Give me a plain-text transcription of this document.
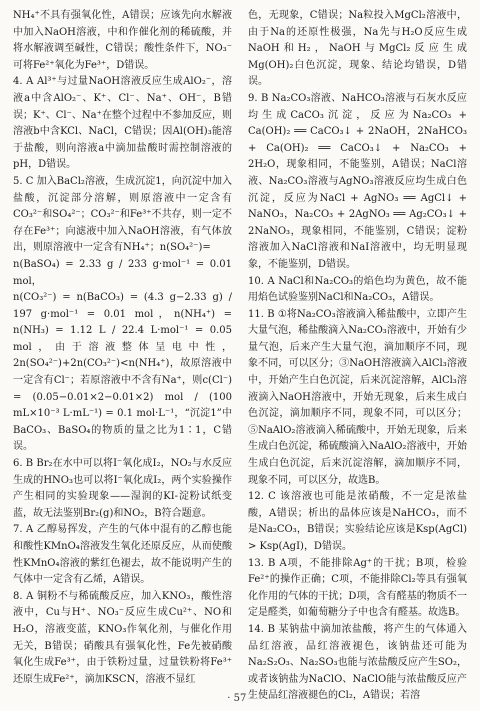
NH₄⁺不具有强氧化性，A错误；应该先向水解液中加入NaOH溶液，中和作催化剂的稀硫酸，并将水解液调至碱性，C错误；酸性条件下，NO₃⁻可将Fe²⁺氧化为Fe³⁺，D错误。

4. A Al³⁺与过量NaOH溶液反应生成AlO₂⁻，溶液a中含AlO₂⁻、K⁺、Cl⁻、Na⁺、OH⁻，B错误；K⁺、Cl⁻、Na⁺在整个过程中不参加反应，则溶液b中含KCl、NaCl，C错误；因Al(OH)₃能溶于盐酸，则向溶液a中滴加盐酸时需控制溶液的pH，D错误。

5. C 加入BaCl₂溶液，生成沉淀1，向沉淀中加入盐酸，沉淀部分溶解，则原溶液中一定含有CO₃²⁻和SO₄²⁻；CO₃²⁻和Fe³⁺不共存，则一定不存在Fe³⁺；向滤液中加入NaOH溶液，有气体放出，则原溶液中一定含有NH₄⁺；n(SO₄²⁻)=

n(BaSO₄) = 2.33 g / 233 g·mol⁻¹ = 0.01 mol，

n(CO₃²⁻) = n(BaCO₃) = (4.3 g−2.33 g) / 197 g·mol⁻¹ = 0.01 mol，n(NH₄⁺) = n(NH₃) = 1.12 L / 22.4 L·mol⁻¹ = 0.05 mol，由于溶液整体呈电中性，2n(SO₄²⁻)+2n(CO₃²⁻)<n(NH₄⁺)，故原溶液中一定含有Cl⁻；若原溶液中不含有Na⁺，则c(Cl⁻) = (0.05−0.01×2−0.01×2) mol / (100 mL×10⁻³ L·mL⁻¹) = 0.1 mol·L⁻¹，“沉淀1”中BaCO₃、BaSO₄的物质的量之比为1∶1，C错误。

6. B Br₂在水中可以将I⁻氧化成I₂，NO₂与水反应生成的HNO₃也可以将I⁻氧化成I₂，两个实验操作产生相同的实验现象——湿润的KI-淀粉试纸变蓝，故无法鉴别Br₂(g)和NO₂，B符合题意。

7. A 乙醇易挥发，产生的气体中混有的乙醇也能和酸性KMnO₄溶液发生氧化还原反应，从而使酸性KMnO₄溶液的紫红色褪去，故不能说明产生的气体中一定含有乙烯，A错误。

8. A 铜粉不与稀硫酸反应，加入KNO₃，酸性溶液中，Cu与H⁺、NO₃⁻反应生成Cu²⁺、NO和H₂O，溶液变蓝，KNO₃作氧化剂，与催化作用无关，B错误；硝酸具有强氧化性，Fe先被硝酸氧化生成Fe³⁺，由于铁粉过量，过量铁粉将Fe³⁺还原生成Fe²⁺，滴加KSCN，溶液不显红

色，无现象，C错误；Na粒投入MgCl₂溶液中，由于Na的还原性极强，Na先与H₂O反应生成NaOH和H₂，NaOH与MgCl₂反应生成Mg(OH)₂白色沉淀，现象、结论均错误，D错误。

9. B Na₂CO₃溶液、NaHCO₃溶液与石灰水反应均生成CaCO₃沉淀，反应为Na₂CO₃ + Ca(OH)₂ ══ CaCO₃↓ + 2NaOH，2NaHCO₃ + Ca(OH)₂ ══ CaCO₃↓ + Na₂CO₃ + 2H₂O，现象相同，不能鉴别，A错误；NaCl溶液、Na₂CO₃溶液与AgNO₃溶液反应均生成白色沉淀，反应为NaCl + AgNO₃ ══ AgCl↓ + NaNO₃，Na₂CO₃ + 2AgNO₃ ══ Ag₂CO₃↓ + 2NaNO₃，现象相同，不能鉴别，C错误；淀粉溶液加入NaCl溶液和NaI溶液中，均无明显现象，不能鉴别，D错误。

10. A NaCl和Na₂CO₃的焰色均为黄色，故不能用焰色试验鉴别NaCl和Na₂CO₃，A错误。

11. B ①将Na₂CO₃溶液滴入稀盐酸中，立即产生大量气泡，稀盐酸滴入Na₂CO₃溶液中，开始有少量气泡，后来产生大量气泡，滴加顺序不同，现象不同，可以区分；③NaOH溶液滴入AlCl₃溶液中，开始产生白色沉淀，后来沉淀溶解，AlCl₃溶液滴入NaOH溶液中，开始无现象，后来生成白色沉淀，滴加顺序不同，现象不同，可以区分；⑤NaAlO₂溶液滴入稀硫酸中，开始无现象，后来生成白色沉淀，稀硫酸滴入NaAlO₂溶液中，开始生成白色沉淀，后来沉淀溶解，滴加顺序不同，现象不同，可以区分，故选B。

12. C 该溶液也可能是浓硝酸，不一定是浓盐酸，A错误；析出的晶体应该是NaHCO₃，而不是Na₂CO₃，B错误；实验结论应该是Ksp(AgCl) > Ksp(AgI)，D错误。

13. B A项，不能排除Ag⁺的干扰；B项，检验Fe²⁺的操作正确；C项，不能排除Cl₂等具有强氧化作用的气体的干扰；D项，含有醛基的物质不一定是醛类，如葡萄糖分子中也含有醛基。故选B。

14. B 某钠盐中滴加浓盐酸，将产生的气体通入品红溶液，品红溶液褪色，该钠盐还可能为Na₂S₂O₃、Na₂SO₃也能与浓盐酸反应产生SO₂，或者该钠盐为NaClO、NaClO能与浓盐酸反应产生使品红溶液褪色的Cl₂，A错误；若溶

· 57 ·
